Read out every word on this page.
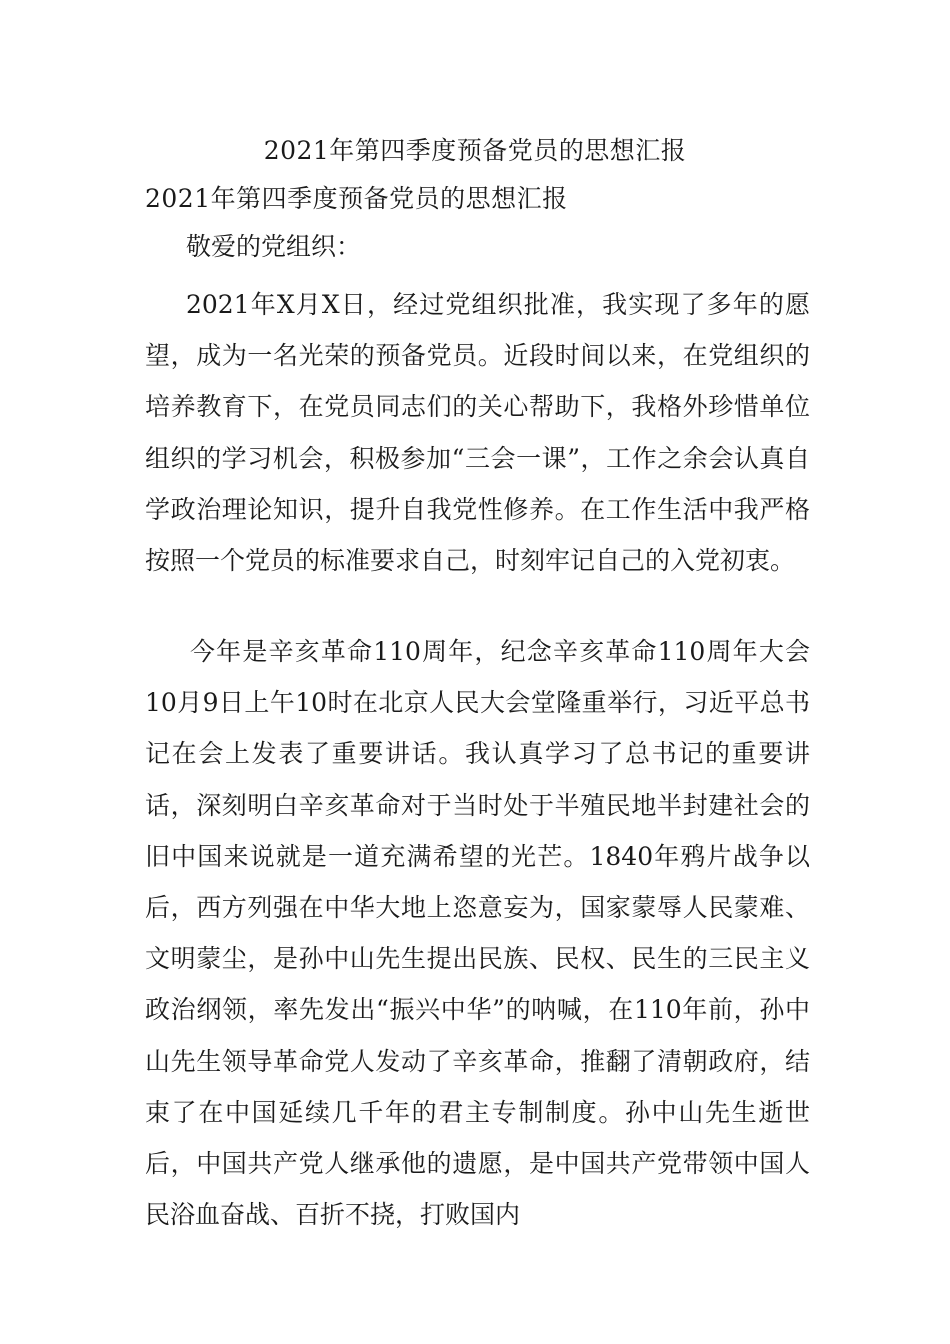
2021年第四季度预备党员的思想汇报
2021年第四季度预备党员的思想汇报
敬爱的党组织：

2021年X月X日，经过党组织批准，我实现了多年的愿望，成为一名光荣的预备党员。近段时间以来，在党组织的培养教育下，在党员同志们的关心帮助下，我格外珍惜单位组织的学习机会，积极参加“三会一课”，工作之余会认真自学政治理论知识，提升自我党性修养。在工作生活中我严格按照一个党员的标准要求自己，时刻牢记自己的入党初衷。

今年是辛亥革命110周年，纪念辛亥革命110周年大会10月9日上午10时在北京人民大会堂隆重举行，习近平总书记在会上发表了重要讲话。我认真学习了总书记的重要讲话，深刻明白辛亥革命对于当时处于半殖民地半封建社会的旧中国来说就是一道充满希望的光芒。1840年鸦片战争以后，西方列强在中华大地上恣意妄为，国家蒙辱人民蒙难、文明蒙尘，是孙中山先生提出民族、民权、民生的三民主义政治纲领，率先发出“振兴中华”的呐喊，在110年前，孙中山先生领导革命党人发动了辛亥革命，推翻了清朝政府，结束了在中国延续几千年的君主专制制度。孙中山先生逝世后，中国共产党人继承他的遗愿，是中国共产党带领中国人民浴血奋战、百折不挠，打败国内
